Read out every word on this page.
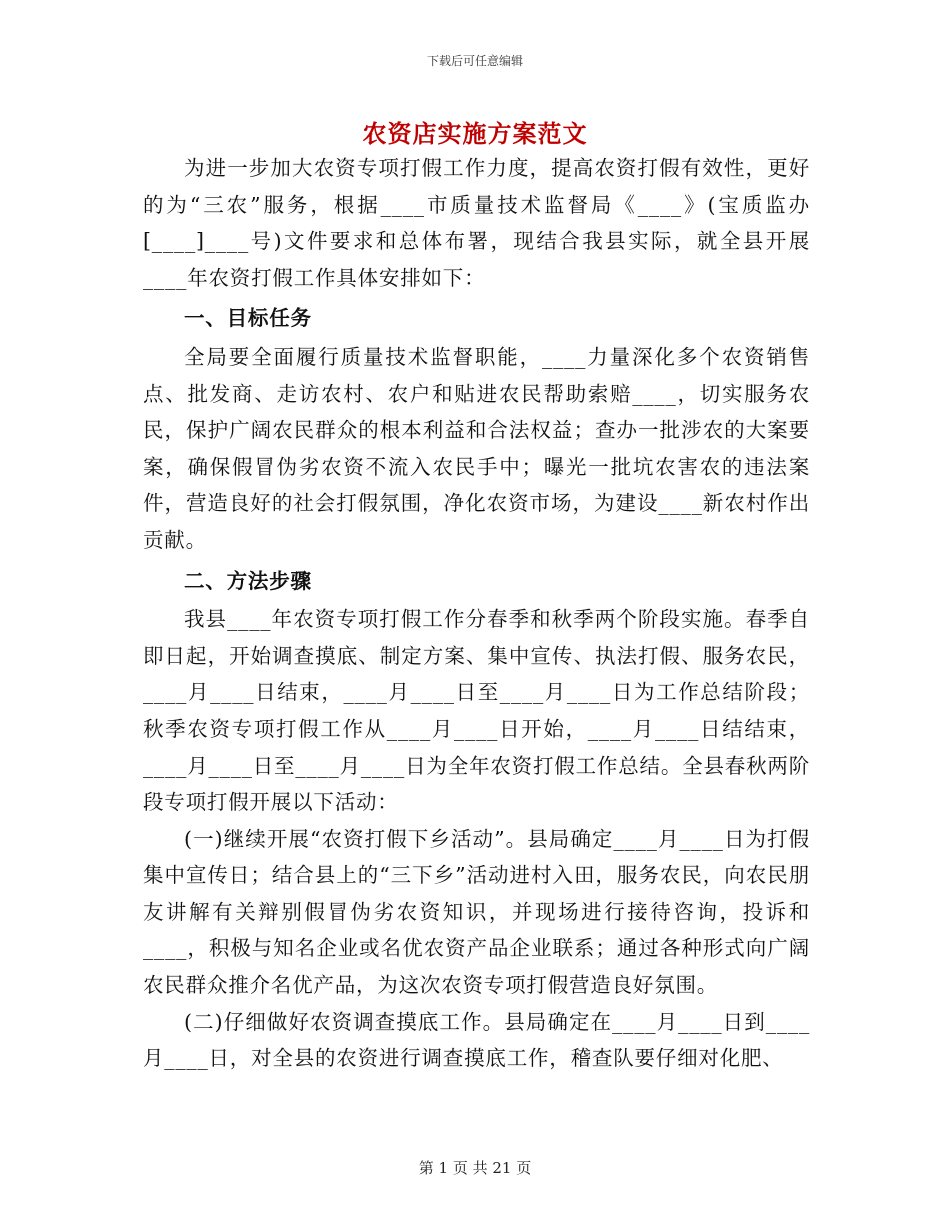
下载后可任意编辑
农资店实施方案范文

为进一步加大农资专项打假工作力度，提高农资打假有效性，更好的为“三农”服务，根据____市质量技术监督局《____》(宝质监办[____]____号)文件要求和总体布署，现结合我县实际，就全县开展____年农资打假工作具体安排如下：

一、目标任务

全局要全面履行质量技术监督职能，____力量深化多个农资销售点、批发商、走访农村、农户和贴进农民帮助索赔____，切实服务农民，保护广阔农民群众的根本利益和合法权益；查办一批涉农的大案要案，确保假冒伪劣农资不流入农民手中；曝光一批坑农害农的违法案件，营造良好的社会打假氛围，净化农资市场，为建设____新农村作出贡献。

二、方法步骤

我县____年农资专项打假工作分春季和秋季两个阶段实施。春季自即日起，开始调查摸底、制定方案、集中宣传、执法打假、服务农民，____月____日结束，____月____日至____月____日为工作总结阶段；秋季农资专项打假工作从____月____日开始，____月____日结结束，____月____日至____月____日为全年农资打假工作总结。全县春秋两阶段专项打假开展以下活动：

(一)继续开展“农资打假下乡活动”。县局确定____月____日为打假集中宣传日；结合县上的“三下乡”活动进村入田，服务农民，向农民朋友讲解有关辩别假冒伪劣农资知识，并现场进行接待咨询，投诉和____，积极与知名企业或名优农资产品企业联系；通过各种形式向广阔农民群众推介名优产品，为这次农资专项打假营造良好氛围。

(二)仔细做好农资调查摸底工作。县局确定在____月____日到____月____日，对全县的农资进行调查摸底工作，稽查队要仔细对化肥、

第 1 页 共 21 页
